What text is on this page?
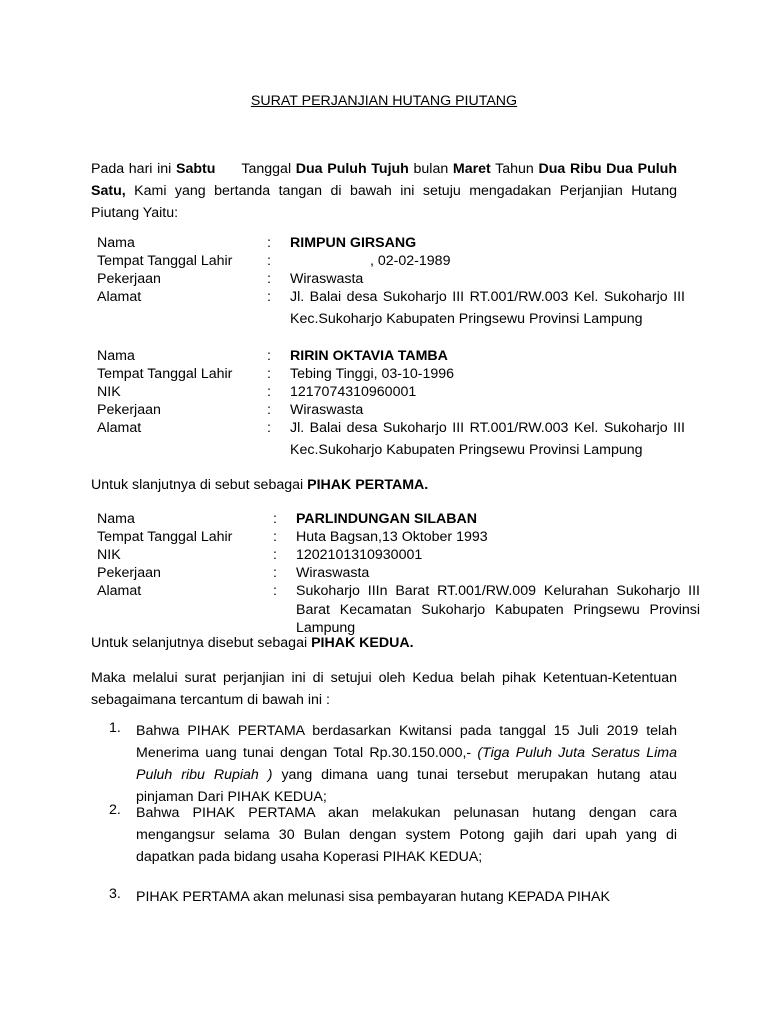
SURAT PERJANJIAN HUTANG PIUTANG
Pada hari ini Sabtu Tanggal Dua Puluh Tujuh bulan Maret Tahun Dua Ribu Dua Puluh Satu, Kami yang bertanda tangan di bawah ini setuju mengadakan Perjanjian Hutang Piutang Yaitu:
Nama	: RIMPUN GIRSANG
Tempat Tanggal Lahir :	, 02-02-1989
Pekerjaan	: Wiraswasta
Alamat	: Jl. Balai desa Sukoharjo III RT.001/RW.003 Kel. Sukoharjo III Kec.Sukoharjo Kabupaten Pringsewu Provinsi Lampung
Nama	: RIRIN OKTAVIA TAMBA
Tempat Tanggal Lahir : Tebing Tinggi, 03-10-1996
NIK	: 1217074310960001
Pekerjaan	: Wiraswasta
Alamat	: Jl. Balai desa Sukoharjo III RT.001/RW.003 Kel. Sukoharjo III Kec.Sukoharjo Kabupaten Pringsewu Provinsi Lampung
Untuk slanjutnya di sebut sebagai PIHAK PERTAMA.
Nama	: PARLINDUNGAN SILABAN
Tempat Tanggal Lahir	: Huta Bagsan,13 Oktober 1993
NIK	: 1202101310930001
Pekerjaan	: Wiraswasta
Alamat	: Sukoharjo IIIn Barat RT.001/RW.009 Kelurahan Sukoharjo III Barat Kecamatan Sukoharjo Kabupaten Pringsewu Provinsi Lampung
Untuk selanjutnya disebut sebagai PIHAK KEDUA.
Maka melalui surat perjanjian ini di setujui oleh Kedua belah pihak Ketentuan-Ketentuan sebagaimana tercantum di bawah ini :
1.	Bahwa PIHAK PERTAMA berdasarkan Kwitansi pada tanggal 15 Juli 2019 telah Menerima uang tunai dengan Total Rp.30.150.000,- (Tiga Puluh Juta Seratus Lima Puluh ribu Rupiah ) yang dimana uang tunai tersebut merupakan hutang atau pinjaman Dari PIHAK KEDUA;
2.	Bahwa PIHAK PERTAMA akan melakukan pelunasan hutang dengan cara mengangsur selama 30 Bulan dengan system Potong gajih dari upah yang di dapatkan pada bidang usaha Koperasi PIHAK KEDUA;
3.	PIHAK PERTAMA akan melunasi sisa pembayaran hutang KEPADA PIHAK
